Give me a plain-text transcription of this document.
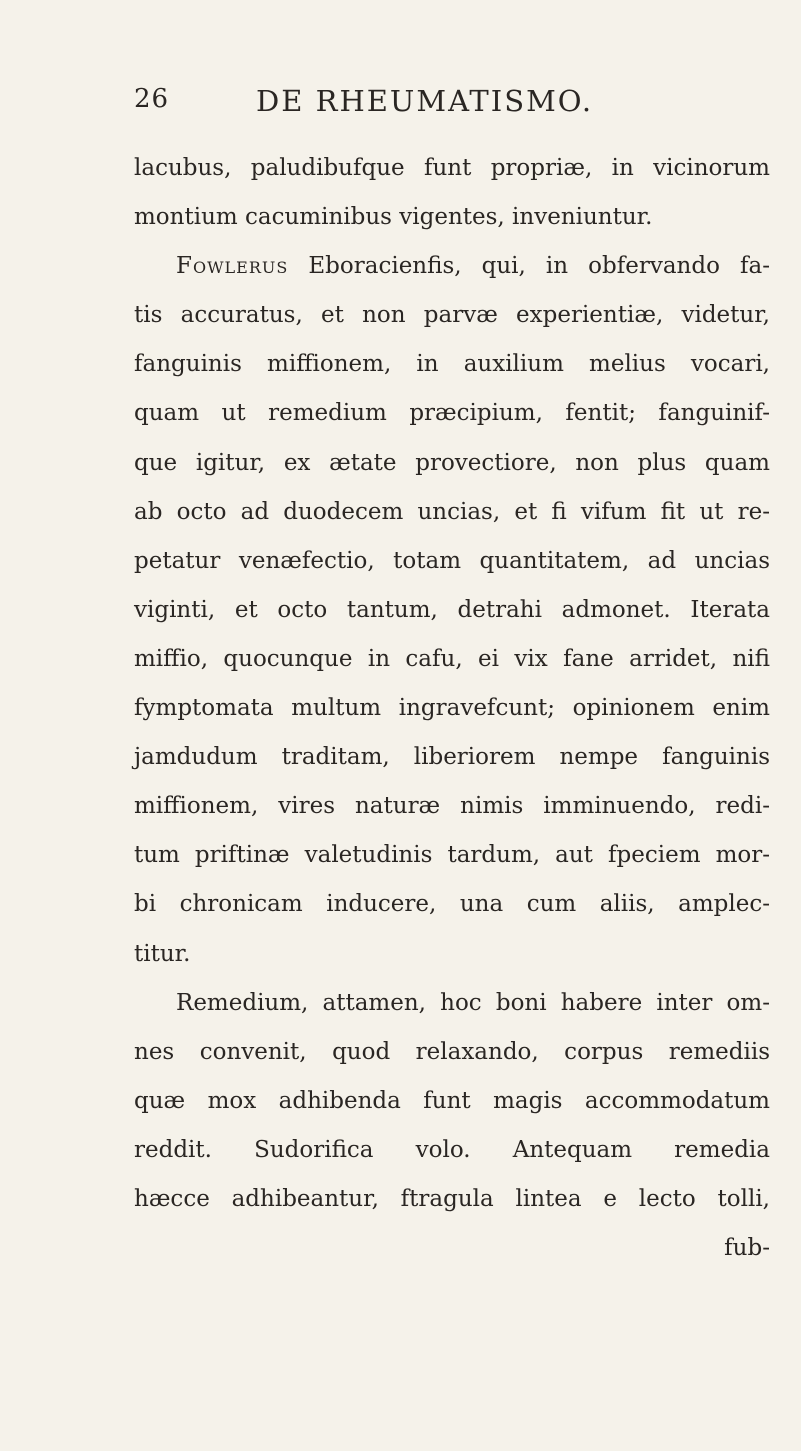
26	DE RHEUMATISMO.
lacubus, paludibufque funt propriæ, in vicinorum
montium cacuminibus vigentes, inveniuntur.
Fowlerus Eboracienfis, qui, in obfervando fa-
tis accuratus, et non parvæ experientiæ, videtur,
fanguinis miffionem, in auxilium melius vocari,
quam ut remedium præcipium, fentit; fanguinif-
que igitur, ex ætate provectiore, non plus quam
ab octo ad duodecem uncias, et fi vifum fit ut re-
petatur venæfectio, totam quantitatem, ad uncias
viginti, et octo tantum, detrahi admonet. Iterata
miffio, quocunque in cafu, ei vix fane arridet, nifi
fymptomata multum ingravefcunt; opinionem enim
jamdudum traditam, liberiorem nempe fanguinis
miffionem, vires naturæ nimis imminuendo, redi-
tum priftinæ valetudinis tardum, aut fpeciem mor-
bi chronicam inducere, una cum aliis, amplec-
titur.
Remedium, attamen, hoc boni habere inter om-
nes convenit, quod relaxando, corpus remediis
quæ mox adhibenda funt magis accommodatum
reddit. Sudorifica volo. Antequam remedia
hæcce adhibeantur, ftragula lintea e lecto tolli,
fub-
